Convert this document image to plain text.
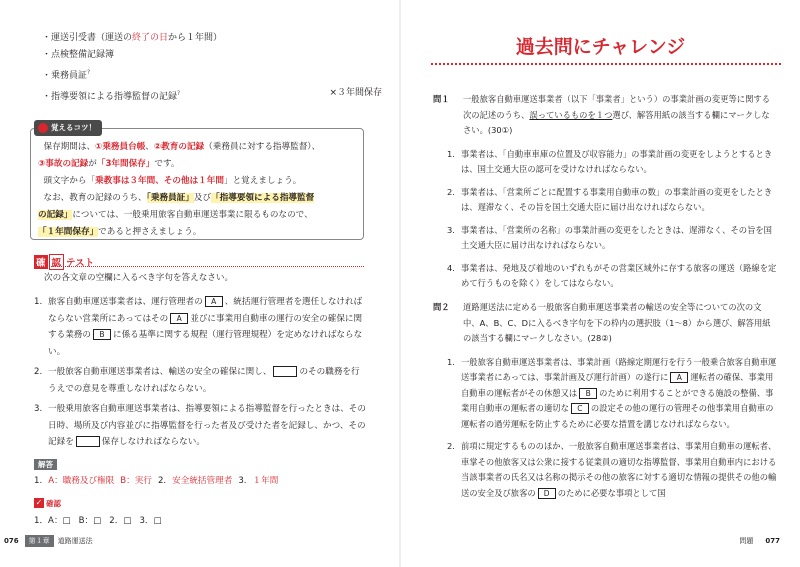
・運送引受書（運送の終了の日から１年間）
・点検整備記録簿
・乗務員証?
・指導要領による指導監督の記録?	×３年間保存
覚えるコツ！

保存期間は、①乗務員台帳、②教育の記録（乗務員に対する指導監督）、

③事故の記録が「3年間保存」です。

頭文字から「乗教事は３年間、その他は１年間」と覚えましょう。

なお、教育の記録のうち、「乗務員証」及び「指導要領による指導監督

の記録」については、一般乗用旅客自動車運送事業に限るものなので、

「１年間保存」であると押さえましょう。

確 認 テスト
次の各文章の空欄に入るべき字句を答えなさい。
1. 旅客自動車運送事業者は、運行管理者の A 、統括運行管理者を選任しなければならない営業所にあってはその A 並びに事業用自動車の運行の安全の確保に関する業務の B に係る基準に関する規程（運行管理規程）を定めなければならない。
2. 一般旅客自動車運送事業者は、輸送の安全の確保に関し、	のその職務を行うえでの意見を尊重しなければならない。
3. 一般乗用旅客自動車運送事業者は、指導要領による指導監督を行ったときは、その日時、場所及び内容並びに指導監督を行った者及び受けた者を記録し、かつ、その記録を	保存しなければならない。
解答
1. A：職務及び権限 B：実行 2. 安全統括管理者 3. １年間
✓ 確認
1．A：□ B：□ 2．□ 3．□
076	第１章	道路運送法
過去問にチャレンジ
問１	一般旅客自動車運送事業者（以下「事業者」という）の事業計画の変更等に関する次の記述のうち、誤っているものを１つ選び、解答用紙の該当する欄にマークしなさい。(30①)
1. 事業者は、「自動車車庫の位置及び収容能力」の事業計画の変更をしようとするときは、国土交通大臣の認可を受けなければならない。
2. 事業者は、「営業所ごとに配置する事業用自動車の数」の事業計画の変更をしたときは、遅滞なく、その旨を国土交通大臣に届け出なければならない。
3. 事業者は、「営業所の名称」の事業計画の変更をしたときは、遅滞なく、その旨を国土交通大臣に届け出なければならない。
4. 事業者は、発地及び着地のいずれもがその営業区域外に存する旅客の運送（路線を定めて行うものを除く）をしてはならない。
問２	道路運送法に定める一般旅客自動車運送事業者の輸送の安全等についての次の文中、A、B、C、Dに入るべき字句を下の枠内の選択肢（1〜8）から選び、解答用紙の該当する欄にマークしなさい。(28②)
1. 一般旅客自動車運送事業者は、事業計画（路線定期運行を行う一般乗合旅客自動車運送事業者にあっては、事業計画及び運行計画）の遂行に A 運転者の確保、事業用自動車の運転者がその休憩又は B のために利用することができる施設の整備、事業用自動車の運転者の適切な C の設定その他の運行の管理その他事業用自動車の運転者の過労運転を防止するために必要な措置を講じなければならない。
2. 前項に規定するもののほか、一般旅客自動車運送事業者は、事業用自動車の運転者、車掌その他旅客又は公衆に接する従業員の適切な指導監督、事業用自動車内における当該事業者の氏名又は名称の掲示その他の旅客に対する適切な情報の提供その他の輸送の安全及び旅客の D のために必要な事項として国
問題	077
